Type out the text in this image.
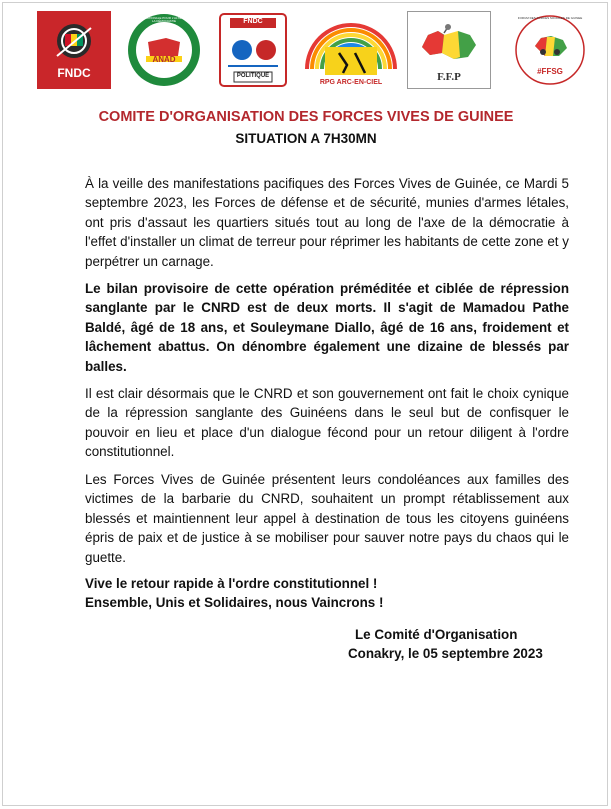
FNDC
ANAD
ALLIANCE NATIONALE POUR L'ALTERNANCE ET LA DÉMOCRATIE	FNDC
POLITIQUE
RPG ARC-EN-CIEL	F.F.P	#FFSG
FORUM DES FORCES SOCIALES DE GUINÉE
COMITE D'ORGANISATION DES FORCES VIVES DE GUINEE
SITUATION A 7H30MN
À la veille des manifestations pacifiques des Forces Vives de Guinée, ce Mardi 5 septembre 2023, les Forces de défense et de sécurité, munies d'armes létales, ont pris d'assaut les quartiers situés tout au long de l'axe de la démocratie à l'effet d'installer un climat de terreur pour réprimer les habitants de cette zone et y perpétrer un carnage.
Le bilan provisoire de cette opération préméditée et ciblée de répression sanglante par le CNRD est de deux morts. Il s'agit de Mamadou Pathe Baldé, âgé de 18 ans, et Souleymane Diallo, âgé de 16 ans, froidement et lâchement abattus. On dénombre également une dizaine de blessés par balles.
Il est clair désormais que le CNRD et son gouvernement ont fait le choix cynique de la répression sanglante des Guinéens dans le seul but de confisquer le pouvoir en lieu et place d'un dialogue fécond pour un retour diligent à l'ordre constitutionnel.
Les Forces Vives de Guinée présentent leurs condoléances aux familles des victimes de la barbarie du CNRD, souhaitent un prompt rétablissement aux blessés et maintiennent leur appel à destination de tous les citoyens guinéens épris de paix et de justice à se mobiliser pour sauver notre pays du chaos qui le guette.
Vive le retour rapide à l'ordre constitutionnel !
Ensemble, Unis et Solidaires, nous Vaincrons !
Le Comité d'Organisation
Conakry, le 05 septembre 2023
